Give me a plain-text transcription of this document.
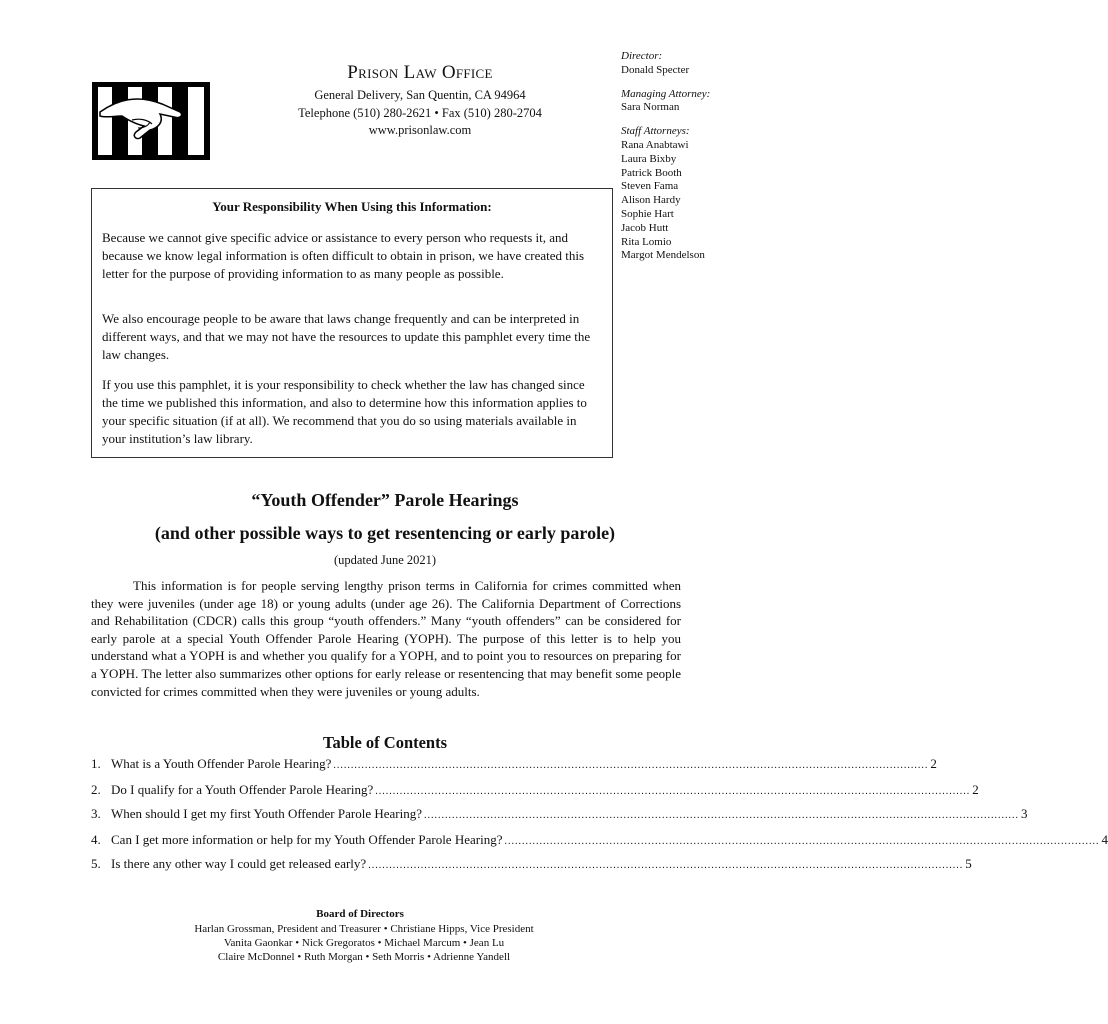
Prison Law Office
General Delivery, San Quentin, CA 94964
Telephone (510) 280-2621 • Fax (510) 280-2704
www.prisonlaw.com
Director:
Donald Specter
Managing Attorney:
Sara Norman
Staff Attorneys:
Rana Anabtawi
Laura Bixby
Patrick Booth
Steven Fama
Alison Hardy
Sophie Hart
Jacob Hutt
Rita Lomio
Margot Mendelson
Your Responsibility When Using this Information:

Because we cannot give specific advice or assistance to every person who requests it, and because we know legal information is often difficult to obtain in prison, we have created this letter for the purpose of providing information to as many people as possible.

We also encourage people to be aware that laws change frequently and can be interpreted in different ways, and that we may not have the resources to update this pamphlet every time the law changes.

If you use this pamphlet, it is your responsibility to check whether the law has changed since the time we published this information, and also to determine how this information applies to your specific situation (if at all). We recommend that you do so using materials available in your institution’s law library.

“Youth Offender” Parole Hearings
(and other possible ways to get resentencing or early parole)
(updated June 2021)

This information is for people serving lengthy prison terms in California for crimes committed when they were juveniles (under age 18) or young adults (under age 26). The California Department of Corrections and Rehabilitation (CDCR) calls this group “youth offenders.” Many “youth offenders” can be considered for early parole at a special Youth Offender Parole Hearing (YOPH). The purpose of this letter is to help you understand what a YOPH is and whether you qualify for a YOPH, and to point you to resources on preparing for a YOPH. The letter also summarizes other options for early release or resentencing that may benefit some people convicted for crimes committed when they were juveniles or young adults.

Table of Contents
1. What is a Youth Offender Parole Hearing? .......................................................................................................................................................................... 2
2. Do I qualify for a Youth Offender Parole Hearing? .......................................................................................................................................................................... 2
3. When should I get my first Youth Offender Parole Hearing? .......................................................................................................................................................................... 3
4. Can I get more information or help for my Youth Offender Parole Hearing? .......................................................................................................................................................................... 4
5. Is there any other way I could get released early? .......................................................................................................................................................................... 5
Board of Directors
Harlan Grossman, President and Treasurer • Christiane Hipps, Vice President
Vanita Gaonkar • Nick Gregoratos • Michael Marcum • Jean Lu
Claire McDonnel • Ruth Morgan • Seth Morris • Adrienne Yandell
